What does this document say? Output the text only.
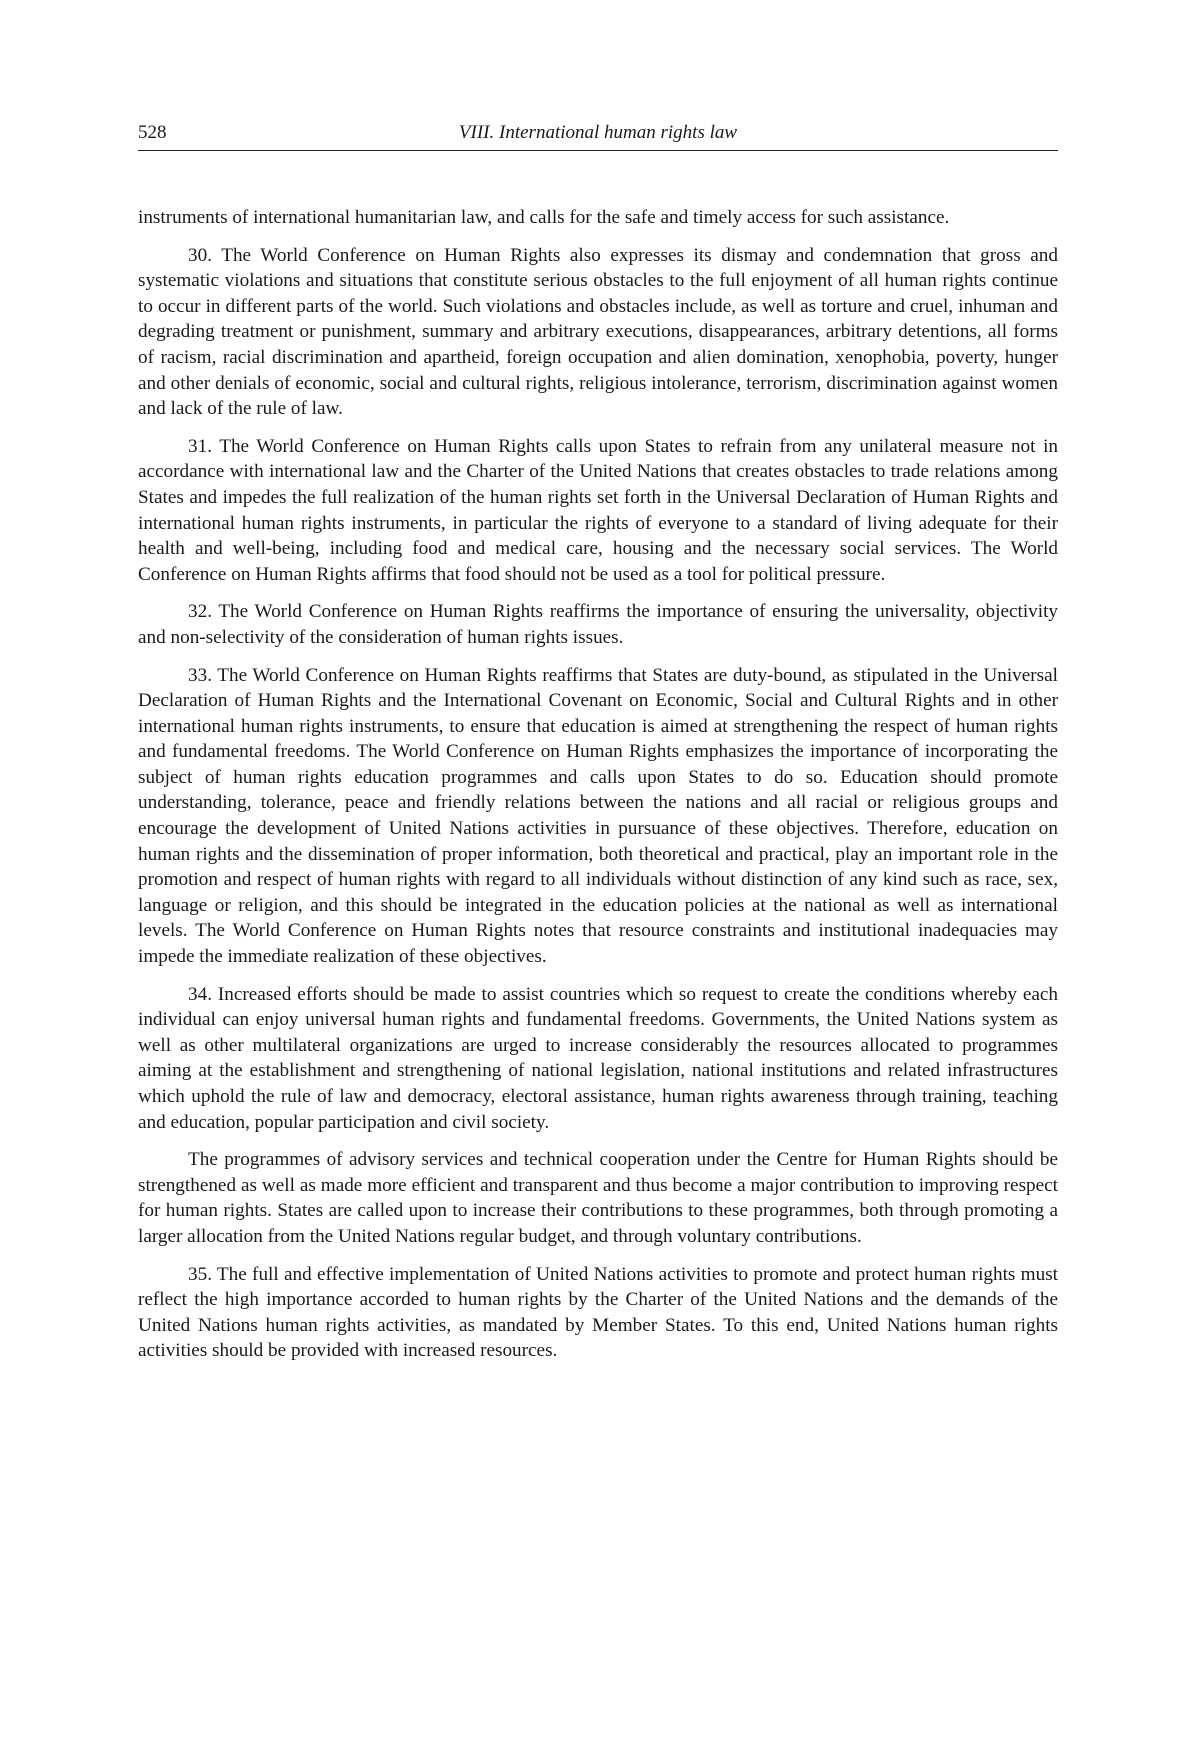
528	VIII. International human rights law

instruments of international humanitarian law, and calls for the safe and timely access for such assistance.

30. The World Conference on Human Rights also expresses its dismay and condemnation that gross and systematic violations and situations that constitute serious obstacles to the full enjoyment of all human rights continue to occur in different parts of the world. Such violations and obstacles include, as well as torture and cruel, inhuman and degrading treatment or punishment, summary and arbitrary executions, disappearances, arbitrary detentions, all forms of racism, racial discrimination and apartheid, foreign occupation and alien domination, xenophobia, poverty, hunger and other denials of economic, social and cultural rights, religious intolerance, terrorism, discrimination against women and lack of the rule of law.

31. The World Conference on Human Rights calls upon States to refrain from any unilateral measure not in accordance with international law and the Charter of the United Nations that creates obstacles to trade relations among States and impedes the full realization of the human rights set forth in the Universal Declaration of Human Rights and international human rights instruments, in particular the rights of everyone to a standard of living adequate for their health and well-being, including food and medical care, housing and the necessary social services. The World Conference on Human Rights affirms that food should not be used as a tool for political pressure.

32. The World Conference on Human Rights reaffirms the importance of ensuring the universality, objectivity and non-selectivity of the consideration of human rights issues.

33. The World Conference on Human Rights reaffirms that States are duty-bound, as stipulated in the Universal Declaration of Human Rights and the International Covenant on Economic, Social and Cultural Rights and in other international human rights instruments, to ensure that education is aimed at strengthening the respect of human rights and fundamental freedoms. The World Conference on Human Rights emphasizes the importance of incorporating the subject of human rights education programmes and calls upon States to do so. Education should promote understanding, tolerance, peace and friendly relations between the nations and all racial or religious groups and encourage the development of United Nations activities in pursuance of these objectives. Therefore, education on human rights and the dissemination of proper information, both theoretical and practical, play an important role in the promotion and respect of human rights with regard to all individuals without distinction of any kind such as race, sex, language or religion, and this should be integrated in the education policies at the national as well as international levels. The World Conference on Human Rights notes that resource constraints and institutional inadequacies may impede the immediate realization of these objectives.

34. Increased efforts should be made to assist countries which so request to create the conditions whereby each individual can enjoy universal human rights and fundamental freedoms. Governments, the United Nations system as well as other multilateral organizations are urged to increase considerably the resources allocated to programmes aiming at the establishment and strengthening of national legislation, national institutions and related infrastructures which uphold the rule of law and democracy, electoral assistance, human rights awareness through training, teaching and education, popular participation and civil society.

The programmes of advisory services and technical cooperation under the Centre for Human Rights should be strengthened as well as made more efficient and transparent and thus become a major contribution to improving respect for human rights. States are called upon to increase their contributions to these programmes, both through promoting a larger allocation from the United Nations regular budget, and through voluntary contributions.

35. The full and effective implementation of United Nations activities to promote and protect human rights must reflect the high importance accorded to human rights by the Charter of the United Nations and the demands of the United Nations human rights activities, as mandated by Member States. To this end, United Nations human rights activities should be provided with increased resources.
